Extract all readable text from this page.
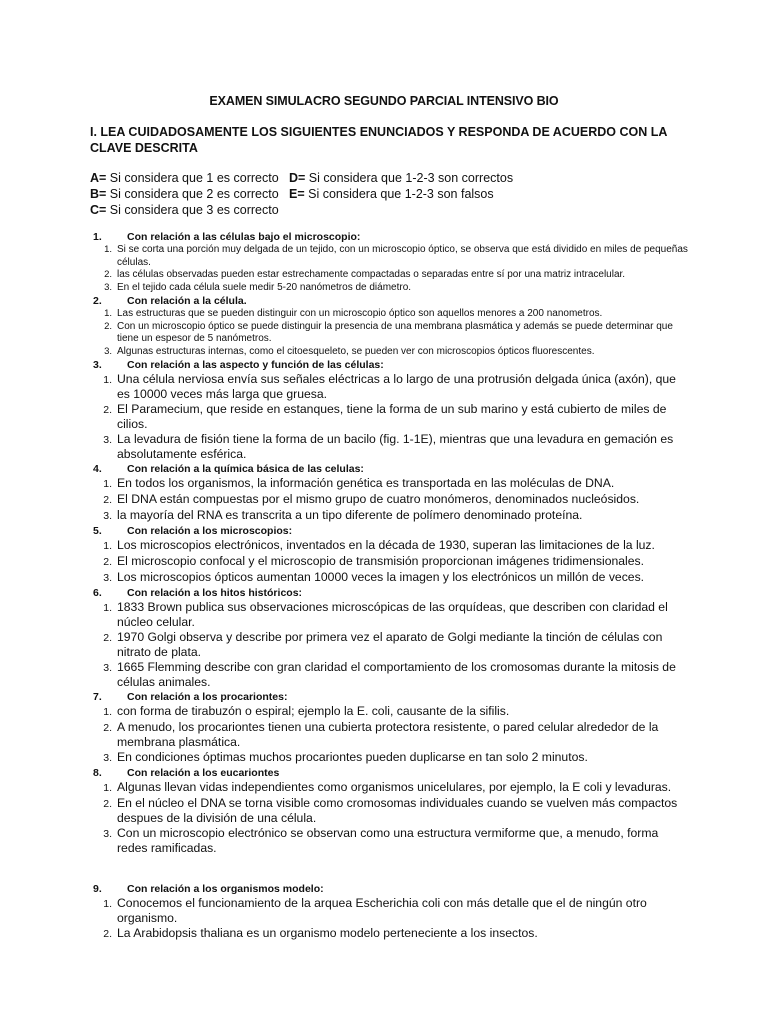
EXAMEN SIMULACRO SEGUNDO PARCIAL INTENSIVO BIO
I. LEA CUIDADOSAMENTE LOS SIGUIENTES ENUNCIADOS Y RESPONDA DE ACUERDO CON LA CLAVE DESCRITA
A= Si considera que 1 es correcto D= Si considera que 1-2-3 son correctos
B= Si considera que 2 es correcto E= Si considera que 1-2-3 son falsos
C= Si considera que 3 es correcto
1.	Con relación a las células bajo el microscopio:
1. Si se corta una porción muy delgada de un tejido, con un microscopio óptico, se observa que está dividido en miles de pequeñas células.
2. las células observadas pueden estar estrechamente compactadas o separadas entre sí por una matriz intracelular.
3. En el tejido cada célula suele medir 5-20 nanómetros de diámetro.
2.	Con relación a la célula.
1. Las estructuras que se pueden distinguir con un microscopio óptico son aquellos menores a 200 nanometros.
2. Con un microscopio óptico se puede distinguir la presencia de una membrana plasmática y además se puede determinar que tiene un espesor de 5 nanómetros.
3. Algunas estructuras internas, como el citoesqueleto, se pueden ver con microscopios ópticos fluorescentes.
3.	Con relación a las aspecto y función de las células:
1. Una célula nerviosa envía sus señales eléctricas a lo largo de una protrusión delgada única (axón), que es 10000 veces más larga que gruesa.
2. El Paramecium, que reside en estanques, tiene la forma de un sub marino y está cubierto de miles de cilios.
3. La levadura de fisión tiene la forma de un bacilo (fig. 1-1E), mientras que una levadura en gemación es absolutamente esférica.
4.	Con relación a la química básica de las celulas:
1. En todos los organismos, la información genética es transportada en las moléculas de DNA.
2. El DNA están compuestas por el mismo grupo de cuatro monómeros, denominados nucleósidos.
3. la mayoría del RNA es transcrita a un tipo diferente de polímero denominado proteína.
5.	Con relación a los microscopios:
1. Los microscopios electrónicos, inventados en la década de 1930, superan las limitaciones de la luz.
2. El microscopio confocal y el microscopio de transmisión proporcionan imágenes tridimensionales.
3. Los microscopios ópticos aumentan 10000 veces la imagen y los electrónicos un millón de veces.
6.	Con relación a los hitos históricos:
1. 1833 Brown publica sus observaciones microscópicas de las orquídeas, que describen con claridad el núcleo celular.
2. 1970 Golgi observa y describe por primera vez el aparato de Golgi mediante la tinción de células con nitrato de plata.
3. 1665 Flemming describe con gran claridad el comportamiento de los cromosomas durante la mitosis de células animales.
7.	Con relación a los procariontes:
1. con forma de tirabuzón o espiral; ejemplo la E. coli, causante de la sifilis.
2. A menudo, los procariontes tienen una cubierta protectora resistente, o pared celular alrededor de la membrana plasmática.
3. En condiciones óptimas muchos procariontes pueden duplicarse en tan solo 2 minutos.
8.	Con relación a los eucariontes
1. Algunas llevan vidas independientes como organismos unicelulares, por ejemplo, la E coli y levaduras.
2. En el núcleo el DNA se torna visible como cromosomas individuales cuando se vuelven más compactos despues de la división de una célula.
3. Con un microscopio electrónico se observan como una estructura vermiforme que, a menudo, forma redes ramificadas.
9.	Con relación a los organismos modelo:
1. Conocemos el funcionamiento de la arquea Escherichia coli con más detalle que el de ningún otro organismo.
2. La Arabidopsis thaliana es un organismo modelo perteneciente a los insectos.
